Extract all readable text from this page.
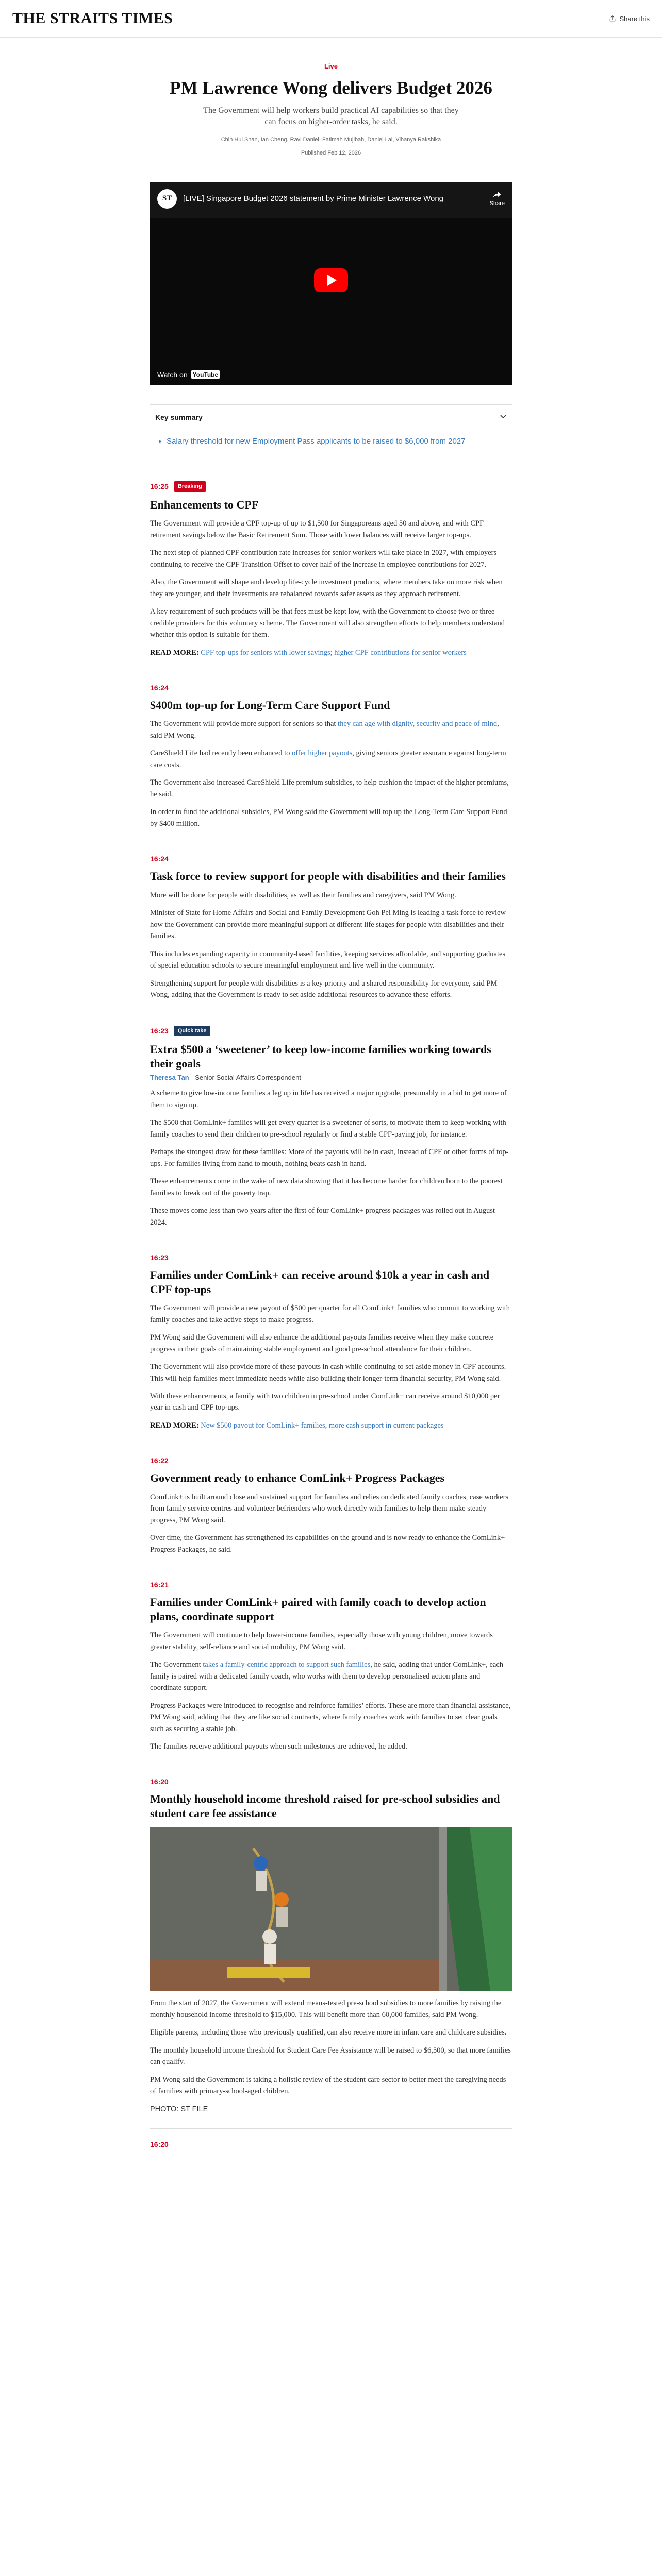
THE STRAITS TIMES	Share this
Live
PM Lawrence Wong delivers Budget 2026

The Government will help workers build practical AI capabilities so that they can focus on higher-order tasks, he said.

Chin Hui Shan, Ian Cheng, Ravi Daniel, Fatimah Mujibah, Daniel Lai, Vihanya Rakshika

Published Feb 12, 2026

ST	[LIVE] Singapore Budget 2026 statement by Prime Minister Lawrence Wong
Share
Watch on YouTube
Key summary
• Salary threshold for new Employment Pass applicants to be raised to $6,000 from 2027
16:25	Breaking
Enhancements to CPF

The Government will provide a CPF top-up of up to $1,500 for Singaporeans aged 50 and above, and with CPF retirement savings below the Basic Retirement Sum. Those with lower balances will receive larger top-ups.

The next step of planned CPF contribution rate increases for senior workers will take place in 2027, with employers continuing to receive the CPF Transition Offset to cover half of the increase in employee contributions for 2027.

Also, the Government will shape and develop life-cycle investment products, where members take on more risk when they are younger, and their investments are rebalanced towards safer assets as they approach retirement.

A key requirement of such products will be that fees must be kept low, with the Government to choose two or three credible providers for this voluntary scheme. The Government will also strengthen efforts to help members understand whether this option is suitable for them.

READ MORE: CPF top-ups for seniors with lower savings; higher CPF contributions for senior workers

16:24
$400m top-up for Long-Term Care Support Fund

The Government will provide more support for seniors so that they can age with dignity, security and peace of mind, said PM Wong.

CareShield Life had recently been enhanced to offer higher payouts, giving seniors greater assurance against long-term care costs.

The Government also increased CareShield Life premium subsidies, to help cushion the impact of the higher premiums, he said.

In order to fund the additional subsidies, PM Wong said the Government will top up the Long-Term Care Support Fund by $400 million.

16:24
Task force to review support for people with disabilities and their families

More will be done for people with disabilities, as well as their families and caregivers, said PM Wong.

Minister of State for Home Affairs and Social and Family Development Goh Pei Ming is leading a task force to review how the Government can provide more meaningful support at different life stages for people with disabilities and their families.

This includes expanding capacity in community-based facilities, keeping services affordable, and supporting graduates of special education schools to secure meaningful employment and live well in the community.

Strengthening support for people with disabilities is a key priority and a shared responsibility for everyone, said PM Wong, adding that the Government is ready to set aside additional resources to advance these efforts.

16:23	Quick take
Extra $500 a ‘sweetener’ to keep low-income families working towards their goals
Theresa Tan Senior Social Affairs Correspondent

A scheme to give low-income families a leg up in life has received a major upgrade, presumably in a bid to get more of them to sign up.

The $500 that ComLink+ families will get every quarter is a sweetener of sorts, to motivate them to keep working with family coaches to send their children to pre-school regularly or find a stable CPF-paying job, for instance.

Perhaps the strongest draw for these families: More of the payouts will be in cash, instead of CPF or other forms of top-ups. For families living from hand to mouth, nothing beats cash in hand.

These enhancements come in the wake of new data showing that it has become harder for children born to the poorest families to break out of the poverty trap.

These moves come less than two years after the first of four ComLink+ progress packages was rolled out in August 2024.

16:23
Families under ComLink+ can receive around $10k a year in cash and CPF top-ups

The Government will provide a new payout of $500 per quarter for all ComLink+ families who commit to working with family coaches and take active steps to make progress.

PM Wong said the Government will also enhance the additional payouts families receive when they make concrete progress in their goals of maintaining stable employment and good pre-school attendance for their children.

The Government will also provide more of these payouts in cash while continuing to set aside money in CPF accounts. This will help families meet immediate needs while also building their longer-term financial security, PM Wong said.

With these enhancements, a family with two children in pre-school under ComLink+ can receive around $10,000 per year in cash and CPF top-ups.

READ MORE: New $500 payout for ComLink+ families, more cash support in current packages

16:22
Government ready to enhance ComLink+ Progress Packages

ComLink+ is built around close and sustained support for families and relies on dedicated family coaches, case workers from family service centres and volunteer befrienders who work directly with families to help them make steady progress, PM Wong said.

Over time, the Government has strengthened its capabilities on the ground and is now ready to enhance the ComLink+ Progress Packages, he said.

16:21
Families under ComLink+ paired with family coach to develop action plans, coordinate support

The Government will continue to help lower-income families, especially those with young children, move towards greater stability, self-reliance and social mobility, PM Wong said.

The Government takes a family-centric approach to support such families, he said, adding that under ComLink+, each family is paired with a dedicated family coach, who works with them to develop personalised action plans and coordinate support.

Progress Packages were introduced to recognise and reinforce families’ efforts. These are more than financial assistance, PM Wong said, adding that they are like social contracts, where family coaches work with families to set clear goals such as securing a stable job.

The families receive additional payouts when such milestones are achieved, he added.

16:20
Monthly household income threshold raised for pre-school subsidies and student care fee assistance

From the start of 2027, the Government will extend means-tested pre-school subsidies to more families by raising the monthly household income threshold to $15,000. This will benefit more than 60,000 families, said PM Wong.

Eligible parents, including those who previously qualified, can also receive more in infant care and childcare subsidies.

The monthly household income threshold for Student Care Fee Assistance will be raised to $6,500, so that more families can qualify.

PM Wong said the Government is taking a holistic review of the student care sector to better meet the caregiving needs of families with primary-school-aged children.

PHOTO: ST FILE

16:20
